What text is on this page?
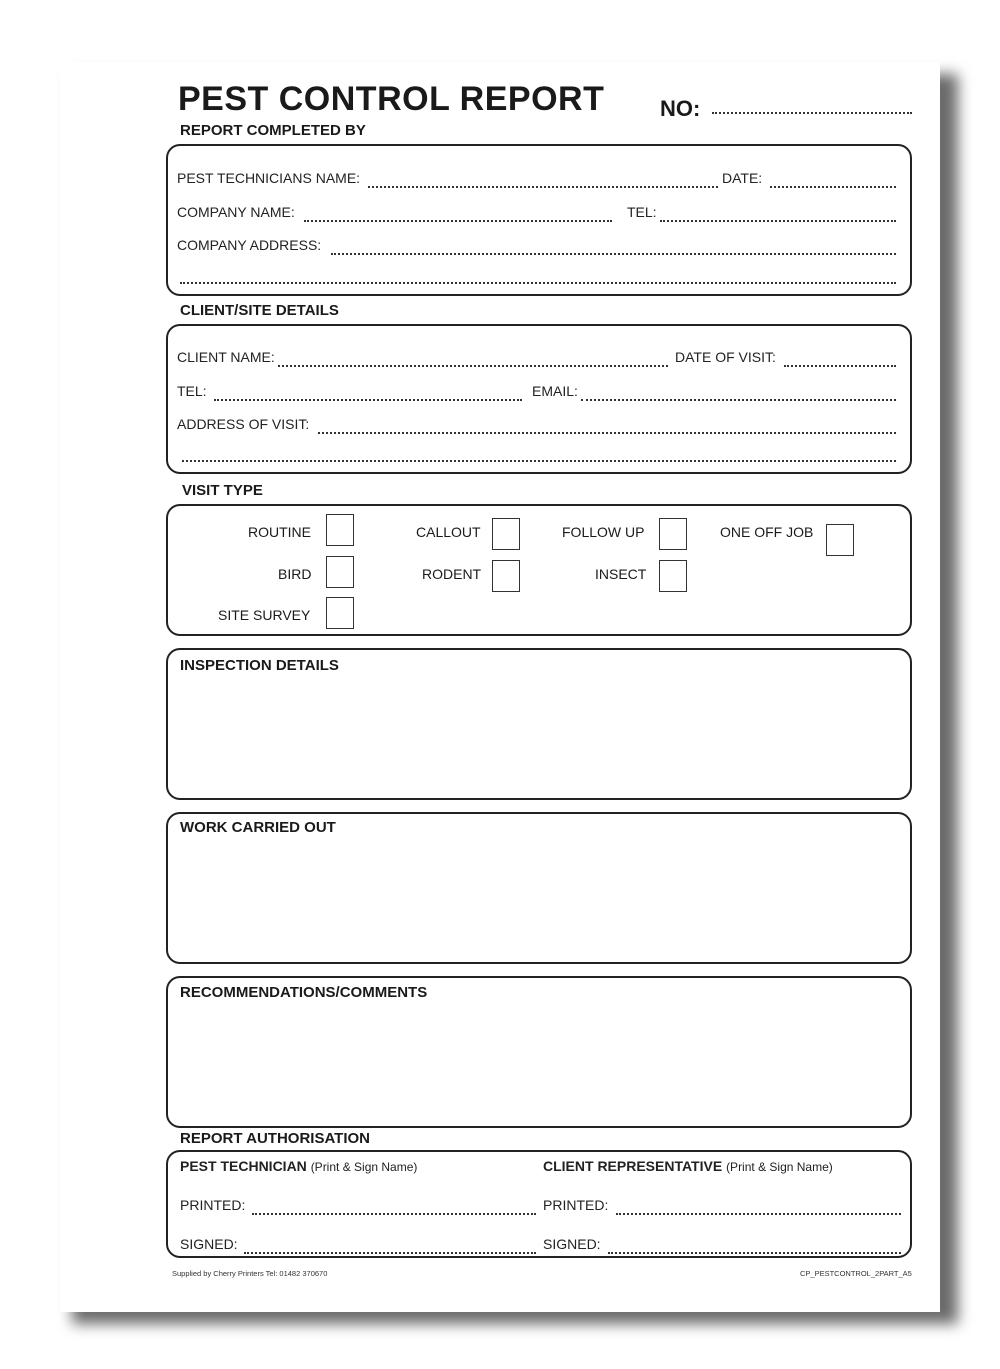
PEST CONTROL REPORT	NO:
REPORT COMPLETED BY
PEST TECHNICIANS NAME:	DATE:
COMPANY NAME:	TEL:
COMPANY ADDRESS:
CLIENT/SITE DETAILS
CLIENT NAME:	DATE OF VISIT:
TEL:	EMAIL:
ADDRESS OF VISIT:
VISIT TYPE
ROUTINE	CALLOUT	FOLLOW UP	ONE OFF JOB
BIRD	RODENT	INSECT
SITE SURVEY
INSPECTION DETAILS
WORK CARRIED OUT
RECOMMENDATIONS/COMMENTS
REPORT AUTHORISATION
PEST TECHNICIAN (Print & Sign Name)	CLIENT REPRESENTATIVE (Print & Sign Name)
PRINTED:	PRINTED:
SIGNED:	SIGNED:
Supplied by Cherry Printers Tel: 01482 370670	CP_PESTCONTROL_2PART_A5
